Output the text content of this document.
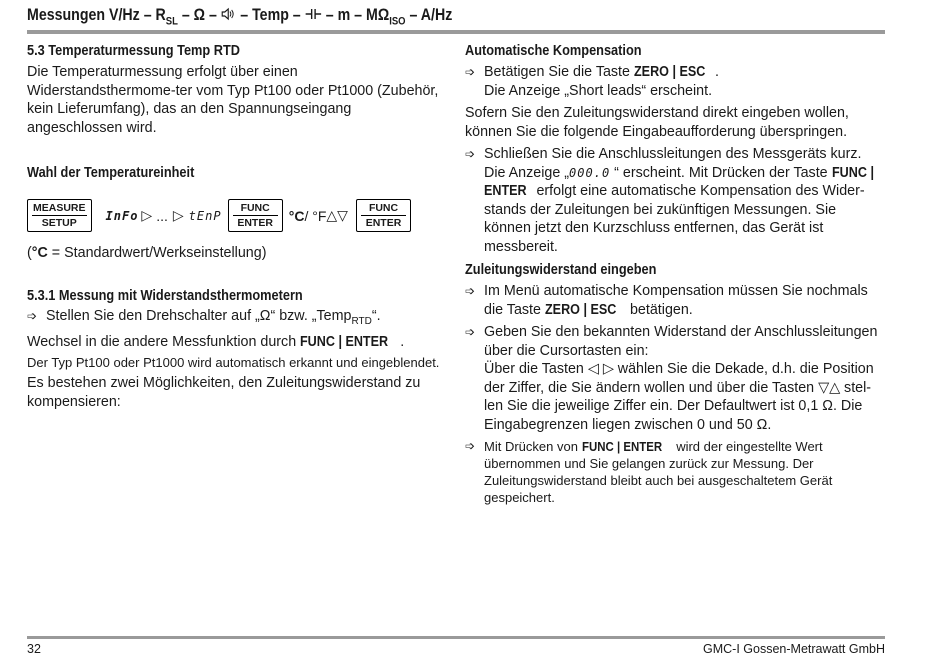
Messungen $V/Hz - R_{SL}$ – Ω –  – Temp –  – m – $M\Omega_{ISO} - A/Hz$
5.3 Temperaturmessung Temp RTD

Die Temperaturmessung erfolgt über einen Widerstandsthermome-ter vom Typ Pt100 oder Pt1000 (Zubehör, kein Lieferumfang), das an den Spannungseingang angeschlossen wird.

Wahl der Temperatureinheit
MEASURE
SETUP
InFo ▷ ... ▷ tEnP
FUNC
ENTER °C / °F △▽	FUNC
ENTER

(°C = Standardwert/Werkseinstellung)

5.3.1 Messung mit Widerstandsthermometern

➩ Stellen Sie den Drehschalter auf „Ω“ bzw. „Temp$_{RTD}$“.

Wechsel in die andere Messfunktion durch FUNC | ENTER .

Der Typ Pt100 oder Pt1000 wird automatisch erkannt und eingeblendet.

Es bestehen zwei Möglichkeiten, den Zuleitungswiderstand zu kompensieren:

Automatische Kompensation

➩ Betätigen Sie die Taste ZERO | ESC .
Die Anzeige „Short leads“ erscheint.

Sofern Sie den Zuleitungswiderstand direkt eingeben wollen, können Sie die folgende Eingabeaufforderung überspringen.

➩ Schließen Sie die Anschlussleitungen des Messgeräts kurz. Die Anzeige „000.0 “ erscheint. Mit Drücken der Taste FUNC | ENTER erfolgt eine automatische Kompensation des Wider-stands der Zuleitungen bei zukünftigen Messungen. Sie können jetzt den Kurzschluss entfernen, das Gerät ist messbereit.

Zuleitungswiderstand eingeben

➩ Im Menü automatische Kompensation müssen Sie nochmals die Taste ZERO | ESC betätigen.

➩ Geben Sie den bekannten Widerstand der Anschlussleitungen über die Cursortasten ein:
Über die Tasten ◁ ▷ wählen Sie die Dekade, d.h. die Position der Ziffer, die Sie ändern wollen und über die Tasten ▽△ stel-len Sie die jeweilige Ziffer ein. Der Defaultwert ist 0,1 Ω. Die Eingabegrenzen liegen zwischen 0 und 50 Ω.

➩ Mit Drücken von FUNC | ENTER wird der eingestellte Wert übernommen und Sie gelangen zurück zur Messung. Der Zuleitungswiderstand bleibt auch bei ausgeschaltetem Gerät gespeichert.

32	GMC-I Gossen-Metrawatt GmbH
